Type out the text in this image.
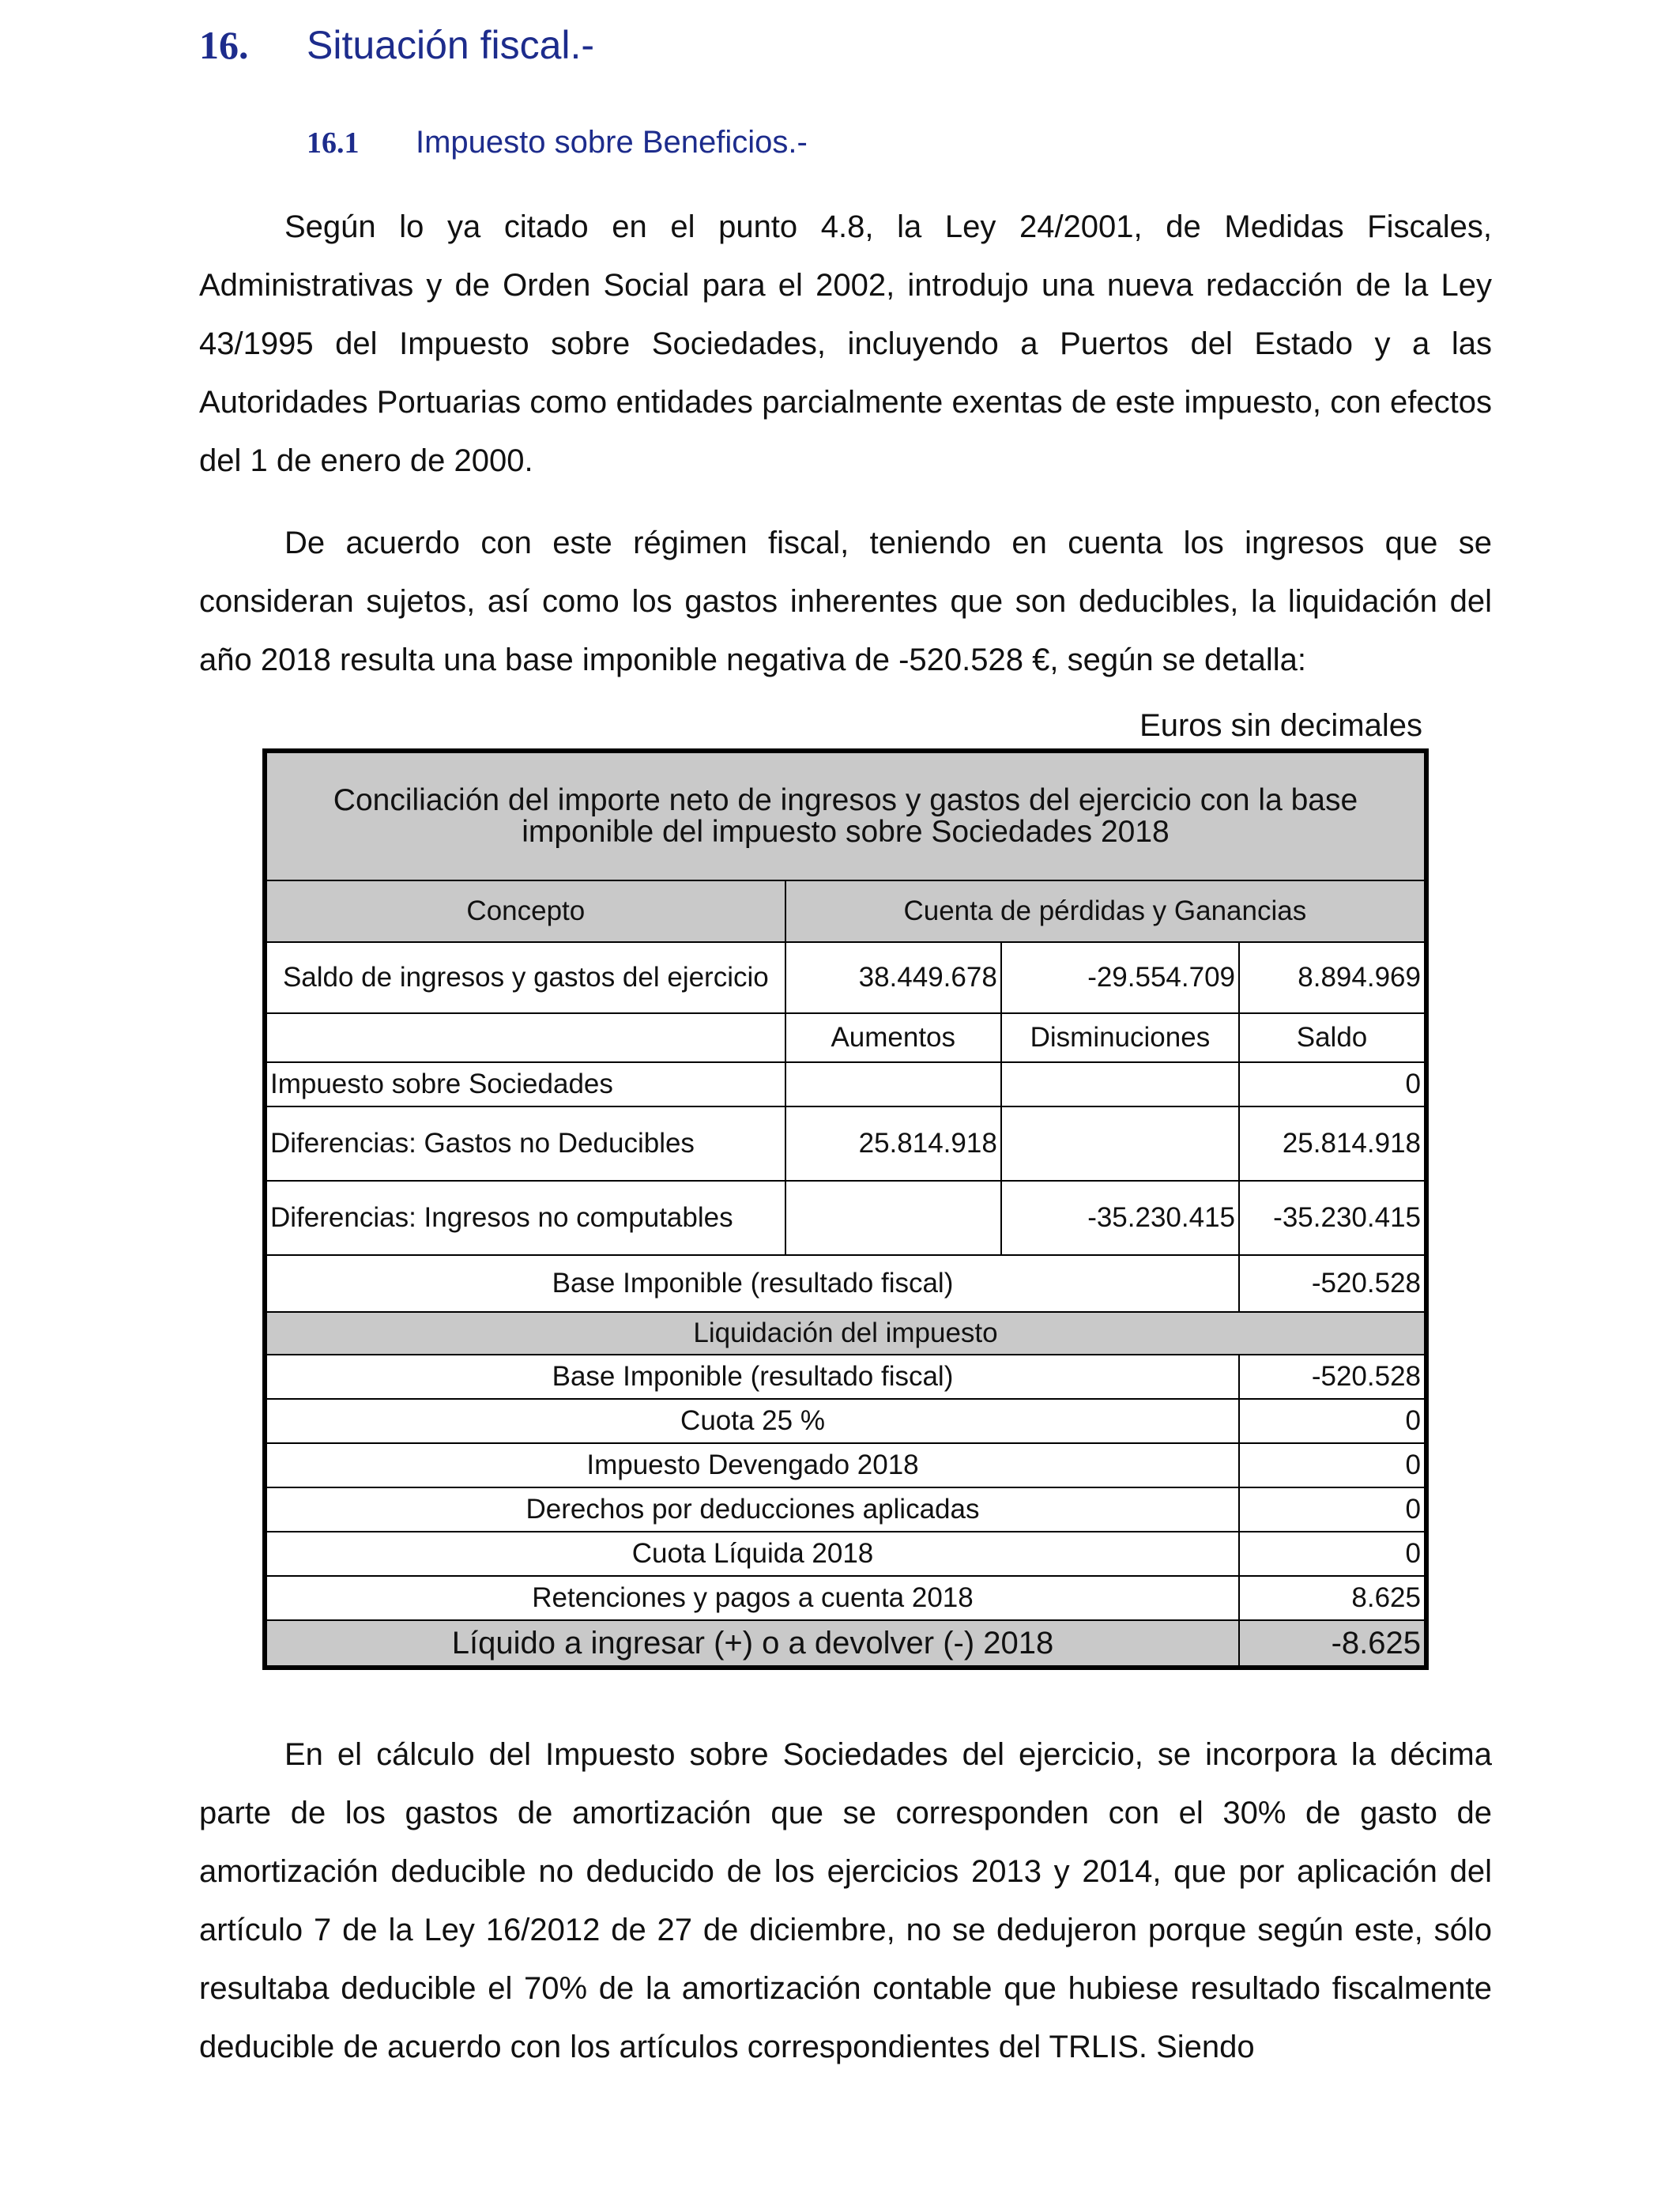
16. Situación fiscal.-
16.1 Impuesto sobre Beneficios.-

Según lo ya citado en el punto 4.8, la Ley 24/2001, de Medidas Fiscales, Administrativas y de Orden Social para el 2002, introdujo una nueva redacción de la Ley 43/1995 del Impuesto sobre Sociedades, incluyendo a Puertos del Estado y a las Autoridades Portuarias como entidades parcialmente exentas de este impuesto, con efectos del 1 de enero de 2000.

De acuerdo con este régimen fiscal, teniendo en cuenta los ingresos que se consideran sujetos, así como los gastos inherentes que son deducibles, la liquidación del año 2018 resulta una base imponible negativa de -520.528 €, según se detalla:

Euros sin decimales
Conciliación del importe neto de ingresos y gastos del ejercicio con la base imponible del impuesto sobre Sociedades 2018			
Concepto	Cuenta de pérdidas y Ganancias		
Saldo de ingresos y gastos del ejercicio	38.449.678	-29.554.709	8.894.969
	Aumentos	Disminuciones	Saldo
Impuesto sobre Sociedades			0
Diferencias: Gastos no Deducibles	25.814.918		25.814.918
Diferencias: Ingresos no computables		-35.230.415	-35.230.415
Base Imponible (resultado fiscal)			-520.528
Liquidación del impuesto			
Base Imponible (resultado fiscal)			-520.528
Cuota 25 %			0
Impuesto Devengado 2018			0
Derechos por deducciones aplicadas			0
Cuota Líquida 2018			0
Retenciones y pagos a cuenta 2018			8.625
Líquido a ingresar (+) o a devolver (-) 2018			-8.625

En el cálculo del Impuesto sobre Sociedades del ejercicio, se incorpora la décima parte de los gastos de amortización que se corresponden con el 30% de gasto de amortización deducible no deducido de los ejercicios 2013 y 2014, que por aplicación del artículo 7 de la Ley 16/2012 de 27 de diciembre, no se dedujeron porque según este, sólo resultaba deducible el 70% de la amortización contable que hubiese resultado fiscalmente deducible de acuerdo con los artículos correspondientes del TRLIS. Siendo
